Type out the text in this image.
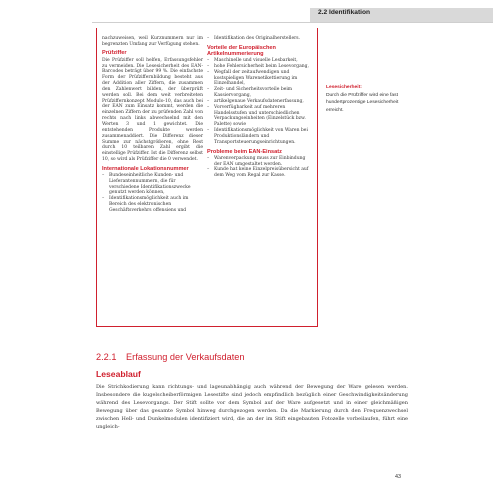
2.2 Identifikation

nachzuweisen, weil Kurznummern nur im begrenzten Umfang zur Verfügung stehen.

Prüfziffer

Die Prüfziffer soll helfen, Erfassungsfehler zu vermeiden. Die Lesesicherheit des EAN-Barcodes beträgt über 99 %. Die einfachste Form der Prüfziffernbildung besteht aus der Addition aller Ziffern, die zusammen den Zahlenwert bilden, der überprüft werden soll. Bei dem weit verbreiteten Prüfziffernkonzept Modulo-10, das auch bei der EAN zum Einsatz kommt, werden die einzelnen Ziffern der zu prüfenden Zahl von rechts nach links abwechselnd mit den Werten 3 und 1 gewichtet. Die entstehenden Produkte werden zusammenaddiert. Die Differenz dieser Summe zur nächstgrößeren, ohne Rest durch 10 teilbaren Zahl ergibt die einstellige Prüfziffer. Ist die Differenz selbst 10, so wird als Prüfziffer die 0 verwendet.

Internationale Lokationsnummer
– Bundeseinheitliche Kunden- und Lieferantennummern, die für verschiedene Identifikationszwecke genutzt werden können,
– Identifikationsmöglichkeit auch im Bereich des elektronischen Geschäftsverkehrs offensiens und
– Identifikation des Originalherstellers.
Vorteile der Europäischen Artikelnummerierung
– Maschinelle und visuelle Lesbarkeit,
– hohe Fehlersicherheit beim Lesevorgang,
– Wegfall der zeitaufwendigen und kostspieligen Warenetikettierung im Einzelhandel,
– Zeit- und Sicherheitsvorteile beim Kassiervorgang,
– artikelgenaue Verkaufsdatenerfassung,
– Vorverfügbarkeit auf mehreren Handelsstufen und unterschiedlichen Verpackungseinheiten (Einzelstück bzw. Palette) sowie
– Identifikationsmöglichkeit von Waren bei Produktionsländern und Transportsteuerungseinrichtungen.
Probleme beim EAN-Einsatz
– Warenverpackung muss zur Einbindung der EAN umgestaltet werden.
– Kunde hat keine Einzelpreisübersicht auf dem Weg vom Regal zur Kasse.
Lesesicherheit:
Durch die Prüfziffer wird eine fast hundertprozentige Lesesicherheit erreicht.
2.2.1 Erfassung der Verkaufsdaten
Leseablauf

Die Strichkodierung kann richtungs- und lageunabhängig auch während der Bewegung der Ware gelesen werden. Insbesondere die kugelscheiberförmigen Lesestifte sind jedoch empfindlich bezüglich einer Geschwindigkeitsänderung während des Lesevorgangs. Der Stift sollte vor dem Symbol auf der Ware aufgesetzt und in einer gleichmäßigen Bewegung über das gesamte Symbol hinweg durchgezogen werden. Da die Markierung durch den Frequenzwechsel zwischen Hell- und Dunkelmodulen identifiziert wird, die an der im Stift eingebauten Fotozelle vorbeilaufen, führt eine ungleich-

43
